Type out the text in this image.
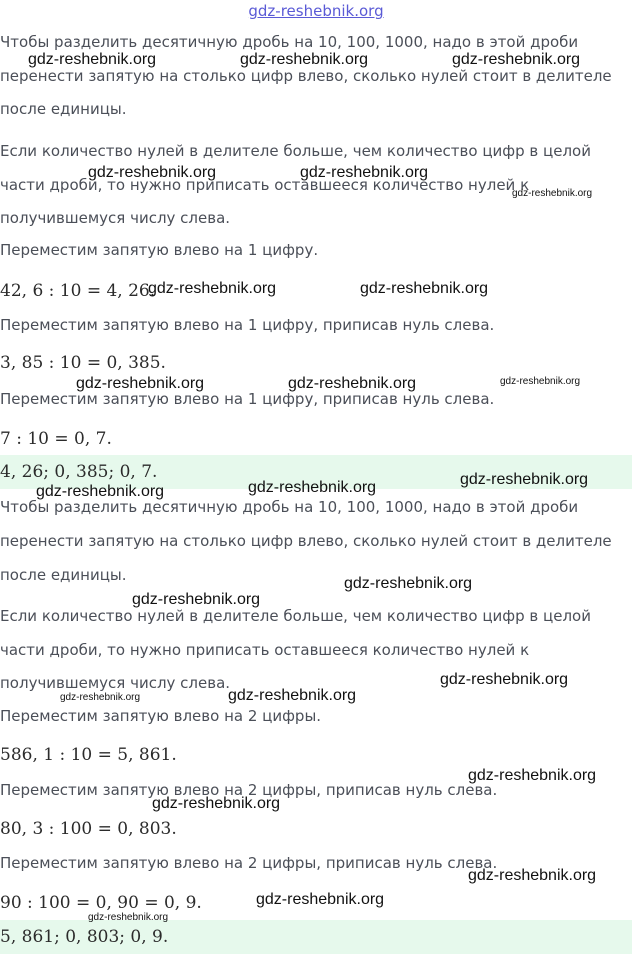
gdz-reshebnik.org
Чтобы разделить десятичную дробь на 10, 100, 1000, надо в этой дроби
перенести запятую на столько цифр влево, сколько нулей стоит в делителе
после единицы.
Если количество нулей в делителе больше, чем количество цифр в целой
части дроби, то нужно приписать оставшееся количество нулей к
получившемуся числу слева.
Переместим запятую влево на 1 цифру.
42, 6 : 10 = 4, 26.
Переместим запятую влево на 1 цифру, приписав нуль слева.
3, 85 : 10 = 0, 385.
Переместим запятую влево на 1 цифру, приписав нуль слева.
7 : 10 = 0, 7.
4, 26; 0, 385; 0, 7.
Чтобы разделить десятичную дробь на 10, 100, 1000, надо в этой дроби
перенести запятую на столько цифр влево, сколько нулей стоит в делителе
после единицы.
Если количество нулей в делителе больше, чем количество цифр в целой
части дроби, то нужно приписать оставшееся количество нулей к
получившемуся числу слева.
Переместим запятую влево на 2 цифры.
586, 1 : 10 = 5, 861.
Переместим запятую влево на 2 цифры, приписав нуль слева.
80, 3 : 100 = 0, 803.
Переместим запятую влево на 2 цифры, приписав нуль слева.
90 : 100 = 0, 90 = 0, 9.
5, 861; 0, 803; 0, 9.
gdz-reshebnik.org	gdz-reshebnik.org	gdz-reshebnik.org
gdz-reshebnik.org	gdz-reshebnik.org
gdz-reshebnik.org
gdz-reshebnik.org	gdz-reshebnik.org
gdz-reshebnik.org	gdz-reshebnik.org	gdz-reshebnik.org
gdz-reshebnik.org
gdz-reshebnik.org	gdz-reshebnik.org
gdz-reshebnik.org
gdz-reshebnik.org
gdz-reshebnik.org
gdz-reshebnik.org	gdz-reshebnik.org
gdz-reshebnik.org
gdz-reshebnik.org
gdz-reshebnik.org
gdz-reshebnik.org
gdz-reshebnik.org
